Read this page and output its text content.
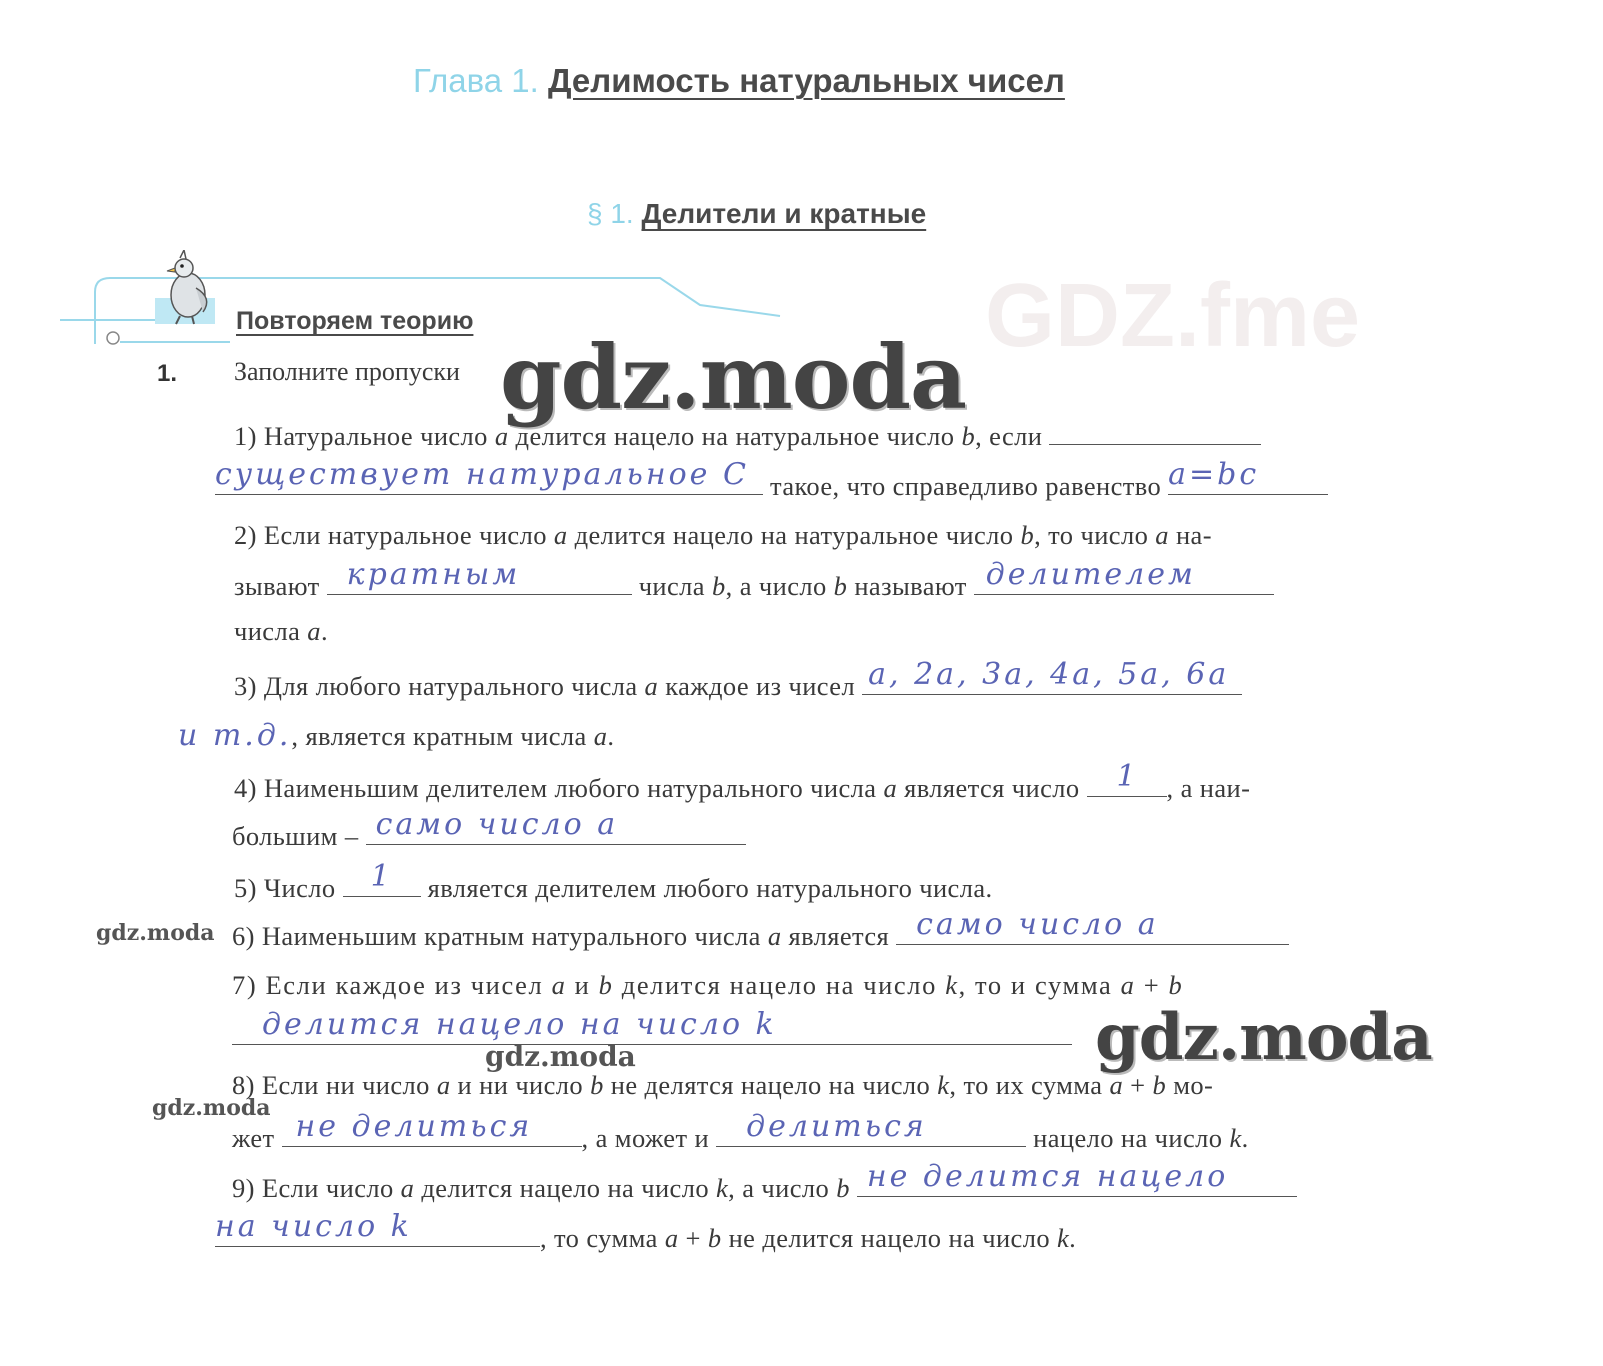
GDZ.fme
Глава 1. Делимость натуральных чисел
§ 1. Делители и кратные
Повторяем теорию
1. Заполните пропуски
1) Натуральное число a делится нацело на натуральное число b, если
существует натуральное С такое, что справедливо равенство a=bc
2) Если натуральное число a делится нацело на натуральное число b, то число a на-
зывают кратным	числа b, а число b называют делителем
числа a.
3) Для любого натурального числа a каждое из чисел a, 2a, 3a, 4a, 5a, 6a
и т.д., является кратным числа a.
4) Наименьшим делителем любого натурального числа a является число 1 , а наи-
большим – само число a
5) Число 1 является делителем любого натурального числа.
6) Наименьшим кратным натурального числа a является само число a
7) Если каждое из чисел a и b делится нацело на число k, то и сумма a + b
делится нацело на число k
8) Если ни число a и ни число b не делятся нацело на число k, то их сумма a + b мо-
жет не делиться , а может и делиться	нацело на число k.
9) Если число a делится нацело на число k, а число b не делится нацело
на число k	, то сумма a + b не делится нацело на число k.
gdz.moda
gdz.moda
gdz.moda
gdz.moda
gdz.moda
